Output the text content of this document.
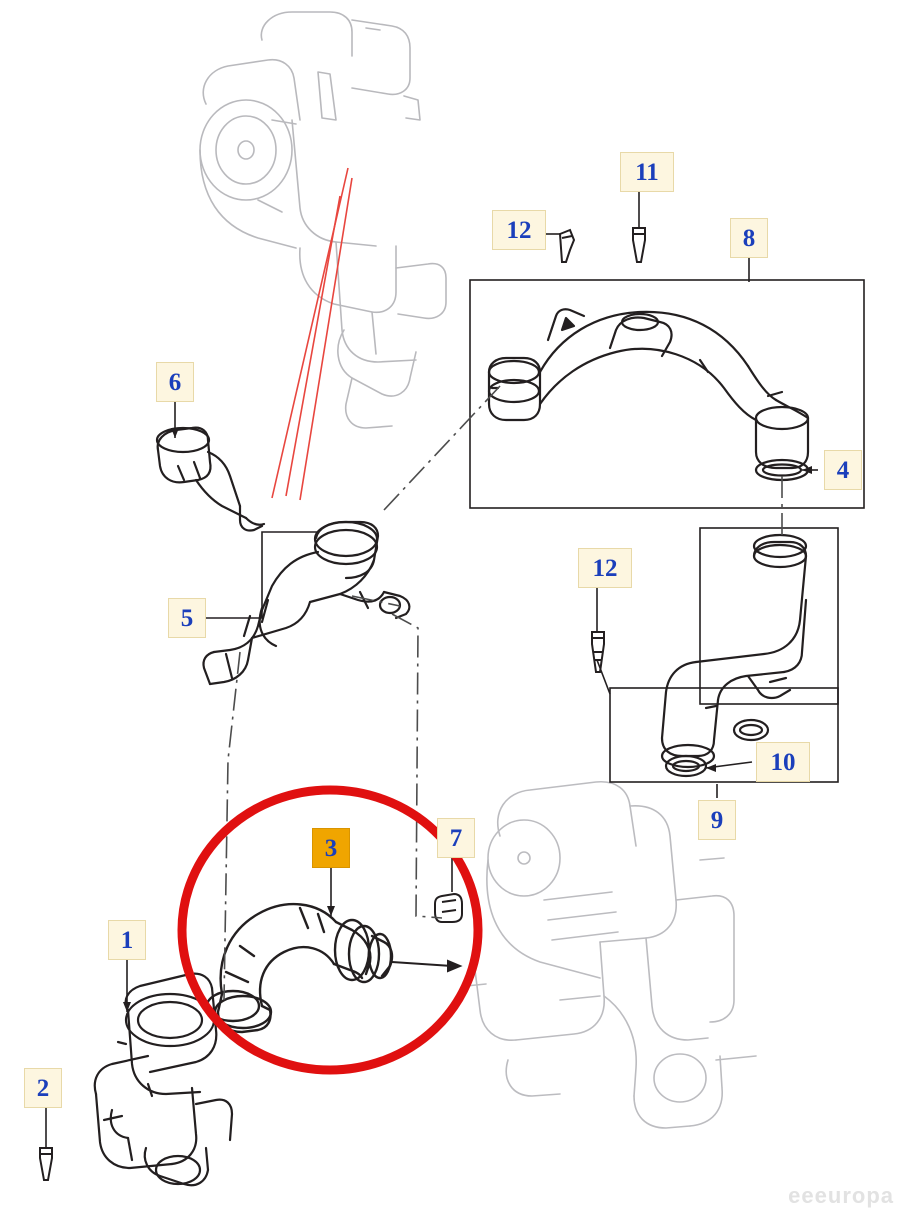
1
2
3
4
5
6
7
8
9
10
11
12
12
eeeuropa
